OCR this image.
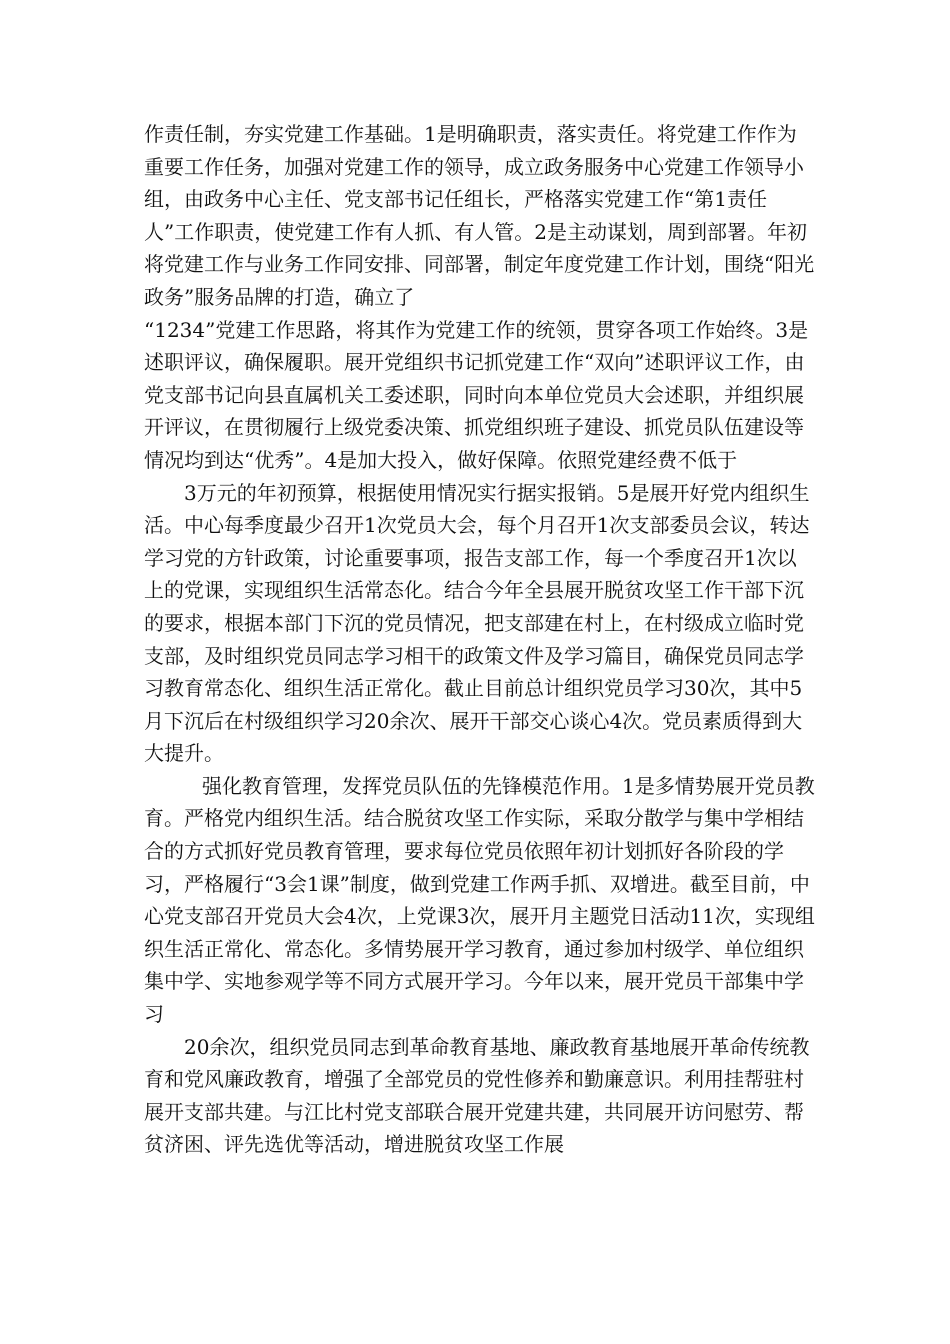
作责任制，夯实党建工作基础。1是明确职责，落实责任。将党建工作作为重要工作任务，加强对党建工作的领导，成立政务服务中心党建工作领导小组，由政务中心主任、党支部书记任组长，严格落实党建工作“第1责任人”工作职责，使党建工作有人抓、有人管。2是主动谋划，周到部署。年初将党建工作与业务工作同安排、同部署，制定年度党建工作计划，围绕“阳光政务”服务品牌的打造，确立了
“1234”党建工作思路，将其作为党建工作的统领，贯穿各项工作始终。3是述职评议，确保履职。展开党组织书记抓党建工作“双向”述职评议工作，由党支部书记向县直属机关工委述职，同时向本单位党员大会述职，并组织展开评议，在贯彻履行上级党委决策、抓党组织班子建设、抓党员队伍建设等情况均到达“优秀”。4是加大投入，做好保障。依照党建经费不低于

3万元的年初预算，根据使用情况实行据实报销。5是展开好党内组织生活。中心每季度最少召开1次党员大会，每个月召开1次支部委员会议，转达学习党的方针政策，讨论重要事项，报告支部工作，每一个季度召开1次以上的党课，实现组织生活常态化。结合今年全县展开脱贫攻坚工作干部下沉的要求，根据本部门下沉的党员情况，把支部建在村上，在村级成立临时党支部，及时组织党员同志学习相干的政策文件及学习篇目，确保党员同志学习教育常态化、组织生活正常化。截止目前总计组织党员学习30次，其中5月下沉后在村级组织学习20余次、展开干部交心谈心4次。党员素质得到大大提升。

强化教育管理，发挥党员队伍的先锋模范作用。1是多情势展开党员教育。严格党内组织生活。结合脱贫攻坚工作实际，采取分散学与集中学相结合的方式抓好党员教育管理，要求每位党员依照年初计划抓好各阶段的学习，严格履行“3会1课”制度，做到党建工作两手抓、双增进。截至目前，中心党支部召开党员大会4次，上党课3次，展开月主题党日活动11次，实现组织生活正常化、常态化。多情势展开学习教育，通过参加村级学、单位组织集中学、实地参观学等不同方式展开学习。今年以来，展开党员干部集中学习

20余次，组织党员同志到革命教育基地、廉政教育基地展开革命传统教育和党风廉政教育，增强了全部党员的党性修养和勤廉意识。利用挂帮驻村展开支部共建。与江比村党支部联合展开党建共建，共同展开访问慰劳、帮贫济困、评先选优等活动，增进脱贫攻坚工作展
